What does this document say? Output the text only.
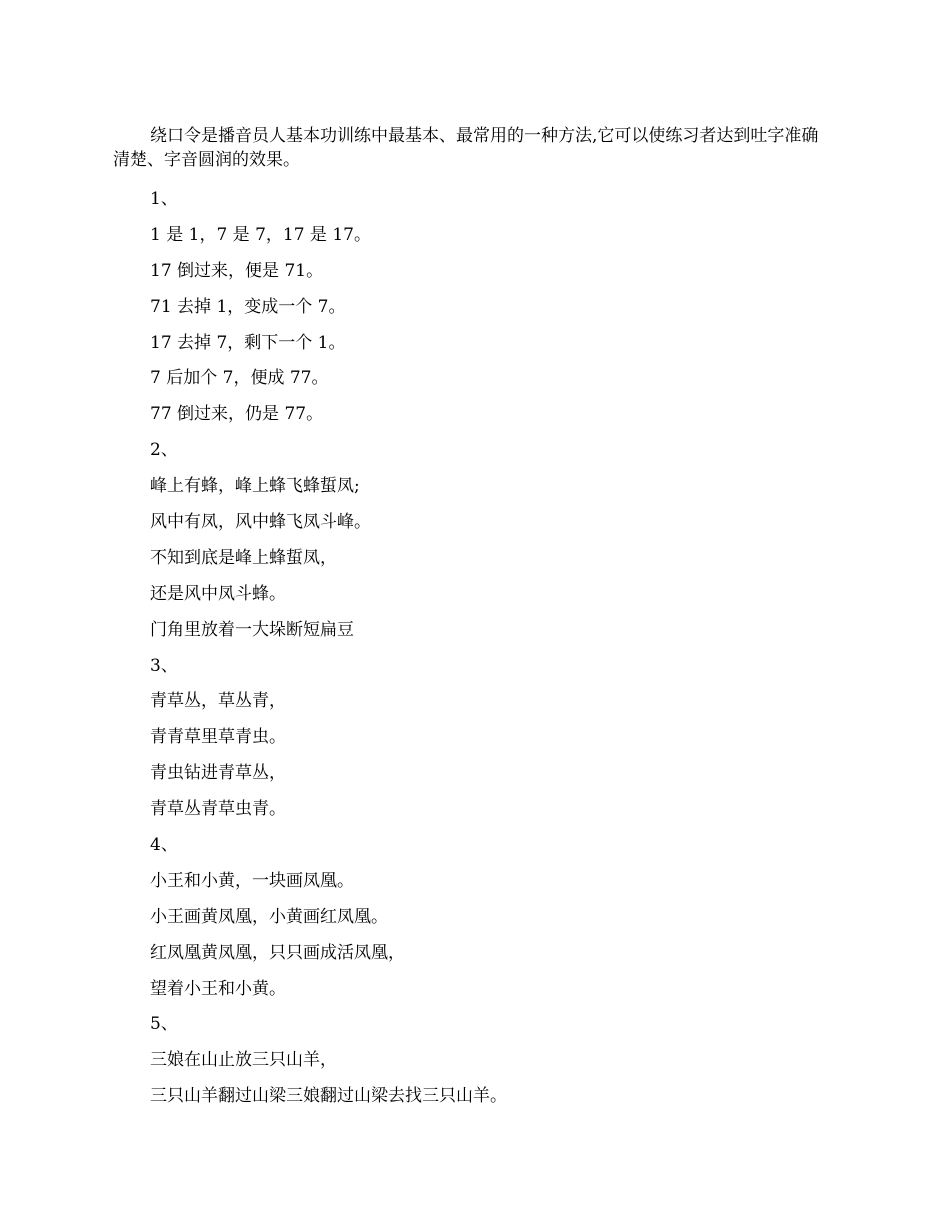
绕口令是播音员人基本功训练中最基本、最常用的一种方法,它可以使练习者达到吐字准确清楚、字音圆润的效果。

1、
1 是 1，7 是 7，17 是 17。
17 倒过来，便是 71。
71 去掉 1，变成一个 7。
17 去掉 7，剩下一个 1。
7 后加个 7，便成 77。
77 倒过来，仍是 77。
2、
峰上有蜂，峰上蜂飞蜂蜇凤;
风中有凤，风中蜂飞凤斗峰。
不知到底是峰上蜂蜇凤，
还是风中凤斗蜂。
门角里放着一大垛断短扁豆
3、
青草丛，草丛青，
青青草里草青虫。
青虫钻进青草丛，
青草丛青草虫青。
4、
小王和小黄，一块画凤凰。
小王画黄凤凰，小黄画红凤凰。
红凤凰黄凤凰，只只画成活凤凰，
望着小王和小黄。
5、
三娘在山止放三只山羊，
三只山羊翻过山梁三娘翻过山梁去找三只山羊。
